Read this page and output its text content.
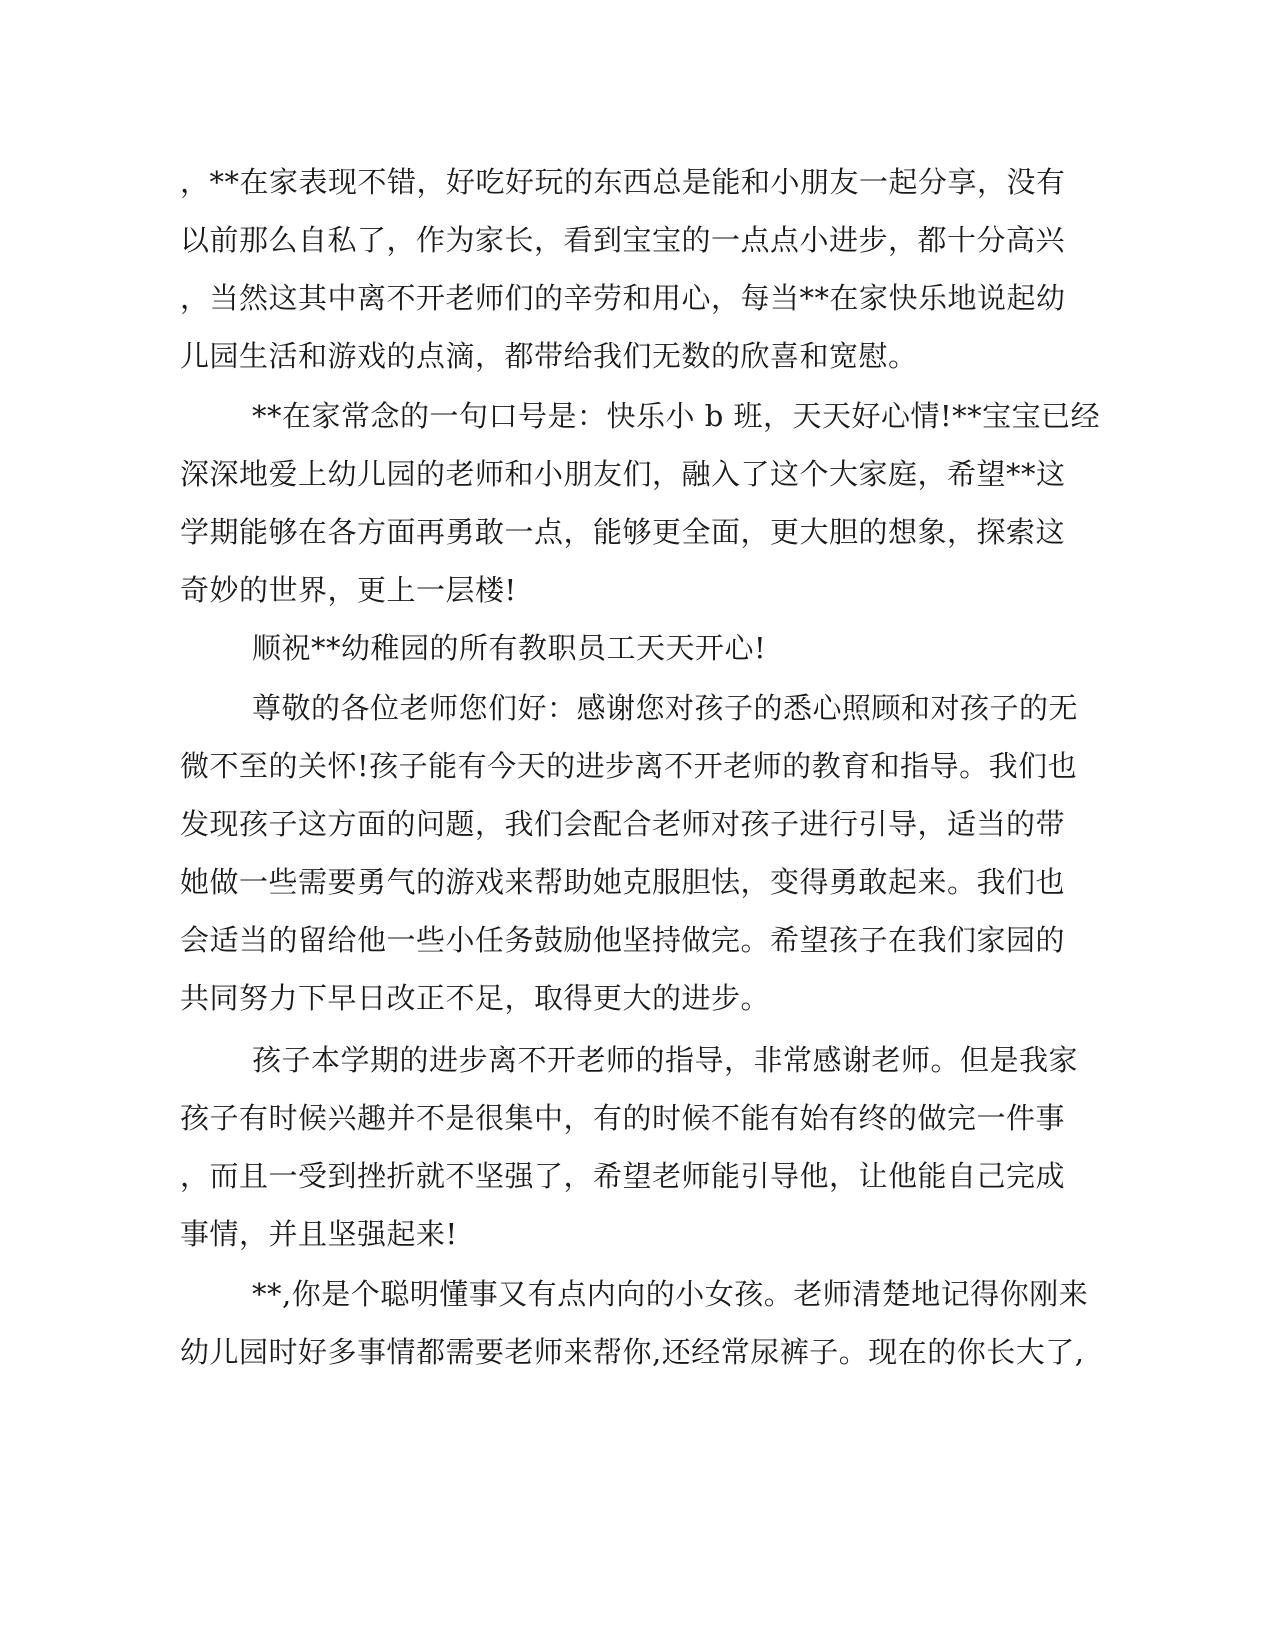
，**在家表现不错，好吃好玩的东西总是能和小朋友一起分享，没有
以前那么自私了，作为家长，看到宝宝的一点点小进步，都十分高兴
，当然这其中离不开老师们的辛劳和用心，每当**在家快乐地说起幼
儿园生活和游戏的点滴，都带给我们无数的欣喜和宽慰。
**在家常念的一句口号是：快乐小 b 班，天天好心情!**宝宝已经
深深地爱上幼儿园的老师和小朋友们，融入了这个大家庭，希望**这
学期能够在各方面再勇敢一点，能够更全面，更大胆的想象，探索这
奇妙的世界，更上一层楼!
顺祝**幼稚园的所有教职员工天天开心!
尊敬的各位老师您们好：感谢您对孩子的悉心照顾和对孩子的无
微不至的关怀!孩子能有今天的进步离不开老师的教育和指导。我们也
发现孩子这方面的问题，我们会配合老师对孩子进行引导，适当的带
她做一些需要勇气的游戏来帮助她克服胆怯，变得勇敢起来。我们也
会适当的留给他一些小任务鼓励他坚持做完。希望孩子在我们家园的
共同努力下早日改正不足，取得更大的进步。
孩子本学期的进步离不开老师的指导，非常感谢老师。但是我家
孩子有时候兴趣并不是很集中，有的时候不能有始有终的做完一件事
，而且一受到挫折就不坚强了，希望老师能引导他，让他能自己完成
事情，并且坚强起来!
**,你是个聪明懂事又有点内向的小女孩。老师清楚地记得你刚来
幼儿园时好多事情都需要老师来帮你,还经常尿裤子。现在的你长大了,
